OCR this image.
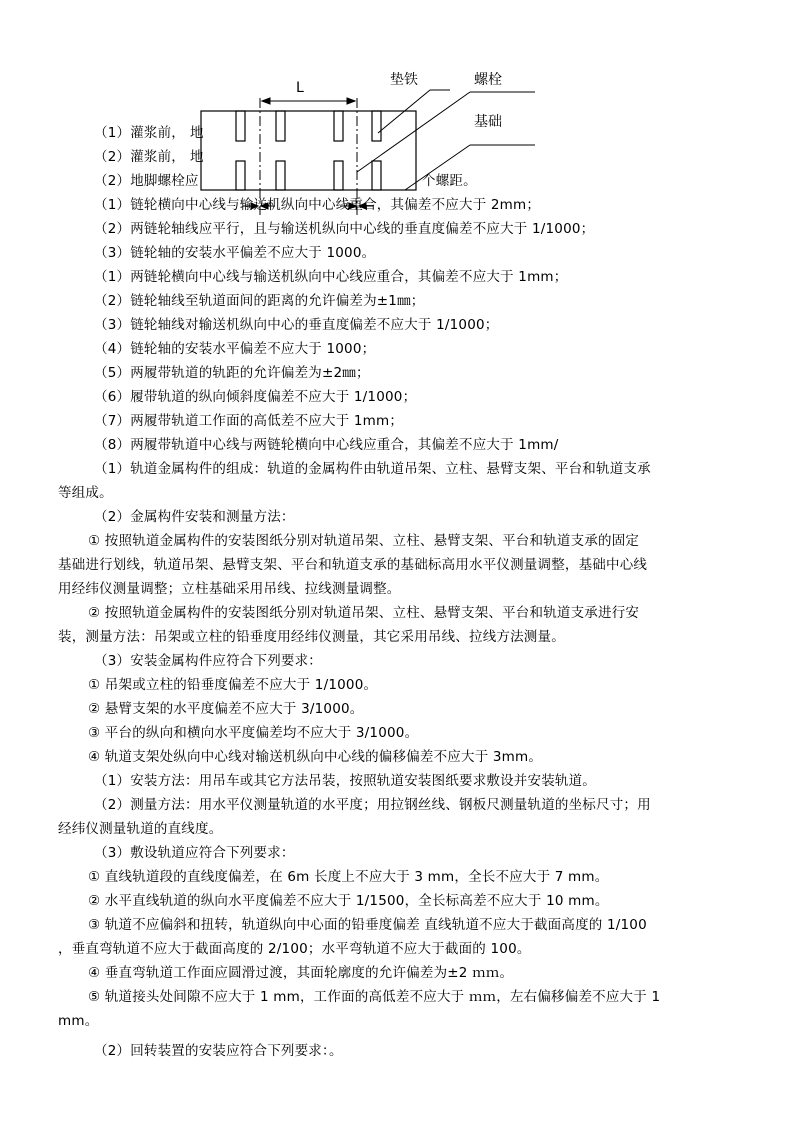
L	垫铁	螺栓
基础
（1）灌浆前， 地
（2）灌浆前， 地
（2）地脚螺栓应	个螺距。
（1）链轮横向中心线与输送机纵向中心线重合，其偏差不应大于 2mm；
（2）两链轮轴线应平行，且与输送机纵向中心线的垂直度偏差不应大于 1/1000；
（3）链轮轴的安装水平偏差不应大于 1000。
（1）两链轮横向中心线与输送机纵向中心线应重合，其偏差不应大于 1mm；
（2）链轮轴线至轨道面间的距离的允许偏差为±1㎜；
（3）链轮轴线对输送机纵向中心的垂直度偏差不应大于 1/1000；
（4）链轮轴的安装水平偏差不应大于 1000；
（5）两履带轨道的轨距的允许偏差为±2㎜；
（6）履带轨道的纵向倾斜度偏差不应大于 1/1000；
（7）两履带轨道工作面的高低差不应大于 1mm；
（8）两履带轨道中心线与两链轮横向中心线应重合，其偏差不应大于 1mm/
（1）轨道金属构件的组成：轨道的金属构件由轨道吊架、立柱、悬臂支架、平台和轨道支承
等组成。
（2）金属构件安装和测量方法：
① 按照轨道金属构件的安装图纸分别对轨道吊架、立柱、悬臂支架、平台和轨道支承的固定
基础进行划线，轨道吊架、悬臂支架、平台和轨道支承的基础标高用水平仪测量调整，基础中心线
用经纬仪测量调整；立柱基础采用吊线、拉线测量调整。
② 按照轨道金属构件的安装图纸分别对轨道吊架、立柱、悬臂支架、平台和轨道支承进行安
装，测量方法：吊架或立柱的铅垂度用经纬仪测量，其它采用吊线、拉线方法测量。
（3）安装金属构件应符合下列要求：
① 吊架或立柱的铅垂度偏差不应大于 1/1000。
② 悬臂支架的水平度偏差不应大于 3/1000。
③ 平台的纵向和横向水平度偏差均不应大于 3/1000。
④ 轨道支架处纵向中心线对输送机纵向中心线的偏移偏差不应大于 3mm。
（1）安装方法：用吊车或其它方法吊装，按照轨道安装图纸要求敷设并安装轨道。
（2）测量方法：用水平仪测量轨道的水平度；用拉钢丝线、钢板尺测量轨道的坐标尺寸；用
经纬仪测量轨道的直线度。
（3）敷设轨道应符合下列要求：
① 直线轨道段的直线度偏差，在 6m 长度上不应大于 3 mm，全长不应大于 7 mm。
② 水平直线轨道的纵向水平度偏差不应大于 1/1500，全长标高差不应大于 10 mm。
③ 轨道不应偏斜和扭转，轨道纵向中心面的铅垂度偏差 直线轨道不应大于截面高度的 1/100
，垂直弯轨道不应大于截面高度的 2/100；水平弯轨道不应大于截面的 100。
④ 垂直弯轨道工作面应圆滑过渡，其面轮廓度的允许偏差为±2 ｍｍ。
⑤ 轨道接头处间隙不应大于 1 mm，工作面的高低差不应大于 ｍｍ，左右偏移偏差不应大于 1
mm。
（2）回转装置的安装应符合下列要求：。
